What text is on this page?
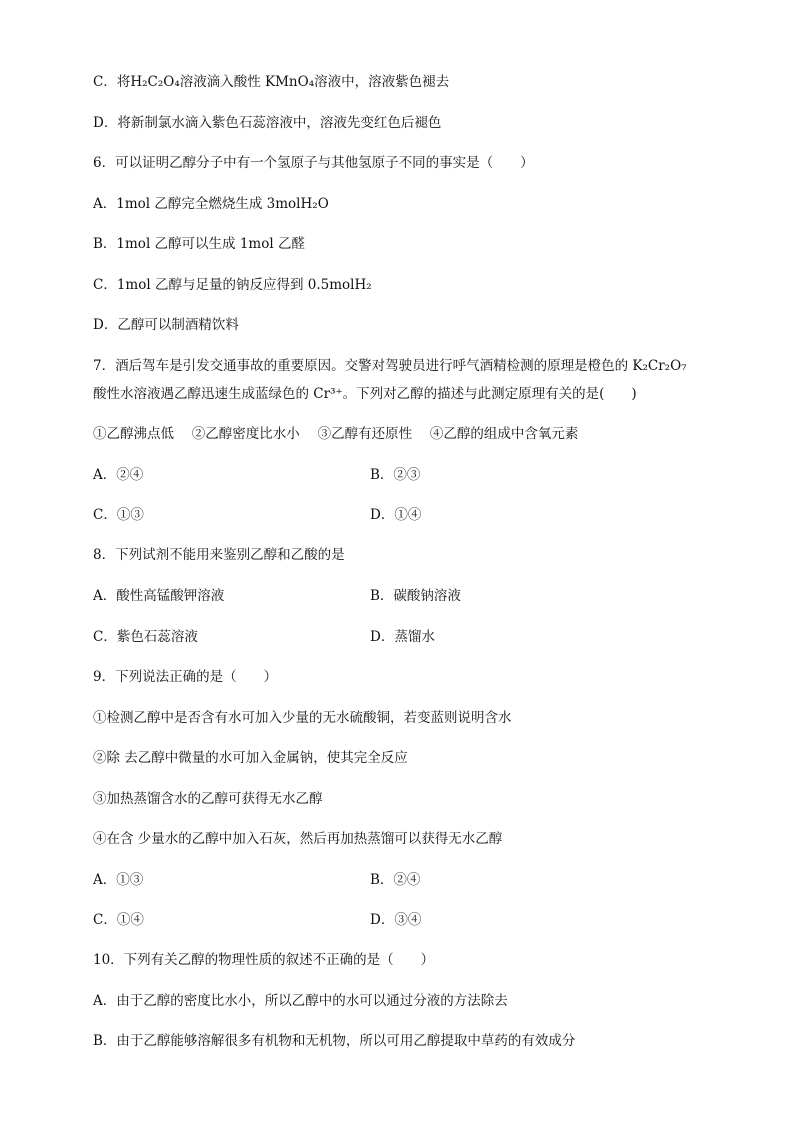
C．将H₂C₂O₄溶液滴入酸性 KMnO₄溶液中，溶液紫色褪去
D．将新制氯水滴入紫色石蕊溶液中，溶液先变红色后褪色
6．可以证明乙醇分子中有一个氢原子与其他氢原子不同的事实是（　　）
A．1mol 乙醇完全燃烧生成 3molH₂O
B．1mol 乙醇可以生成 1mol 乙醛
C．1mol 乙醇与足量的钠反应得到 0.5molH₂
D．乙醇可以制酒精饮料
7．酒后驾车是引发交通事故的重要原因。交警对驾驶员进行呼气酒精检测的原理是橙色的 K₂Cr₂O₇
酸性水溶液遇乙醇迅速生成蓝绿色的 Cr³⁺。下列对乙醇的描述与此测定原理有关的是(　　)
①乙醇沸点低　 ②乙醇密度比水小　 ③乙醇有还原性　 ④乙醇的组成中含氧元素
A．②④	B．②③
C．①③	D．①④
8．下列试剂不能用来鉴别乙醇和乙酸的是
A．酸性高锰酸钾溶液	B．碳酸钠溶液
C．紫色石蕊溶液	D．蒸馏水
9．下列说法正确的是（　　）
①检测乙醇中是否含有水可加入少量的无水硫酸铜，若变蓝则说明含水
②除 去乙醇中微量的水可加入金属钠，使其完全反应
③加热蒸馏含水的乙醇可获得无水乙醇
④在含 少量水的乙醇中加入石灰，然后再加热蒸馏可以获得无水乙醇
A．①③	B．②④
C．①④	D．③④
10．下列有关乙醇的物理性质的叙述不正确的是（　　）
A．由于乙醇的密度比水小，所以乙醇中的水可以通过分液的方法除去
B．由于乙醇能够溶解很多有机物和无机物，所以可用乙醇提取中草药的有效成分
